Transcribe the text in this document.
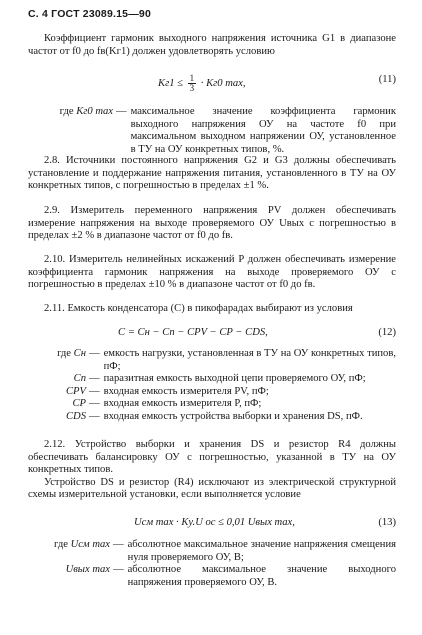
С. 4 ГОСТ 23089.15—90

Коэффициент гармоник выходного напряжения источника G1 в диапазоне частот от f0 до fв(Kг1) должен удовлетворять условию

$Kг1 \le \frac{1}{3} \cdot Kг0$ max,	(11)
где Kг0 max — максимальное значение коэффициента гармоник выходного напряжения ОУ на частоте f0 при максимальном выходном напряжении ОУ, установленное в ТУ на ОУ конкретных типов, %.

2.8. Источники постоянного напряжения G2 и G3 должны обеспечивать установление и поддержание напряжения питания, установленного в ТУ на ОУ конкретных типов, с погрешностью в пределах ±1 %.

2.9. Измеритель переменного напряжения PV должен обеспечивать измерение напряжения на выходе проверяемого ОУ Uвых с погрешностью в пределах ±2 % в диапазоне частот от f0 до fв.

2.10. Измеритель нелинейных искажений P должен обеспечивать измерение коэффициента гармоник напряжения на выходе проверяемого ОУ с погрешностью в пределах ±10 % в диапазоне частот от f0 до fв.

2.11. Емкость конденсатора (C) в пикофарадах выбирают из условия

C = Cн − Cп − CPV − CP − CDS,	(12)
где Cн — емкость нагрузки, установленная в ТУ на ОУ конкретных типов, пФ;
Cп — паразитная емкость выходной цепи проверяемого ОУ, пФ;
CPV — входная емкость измерителя PV, пФ;
CP — входная емкость измерителя P, пФ;
CDS — входная емкость устройства выборки и хранения DS, пФ.

2.12. Устройство выборки и хранения DS и резистор R4 должны обеспечивать балансировку ОУ с погрешностью, указанной в ТУ на ОУ конкретных типов.

Устройство DS и резистор (R4) исключают из электрической структурной схемы измерительной установки, если выполняется условие

Uсм max · Ky.U oc ≤ 0,01 Uвых max,	(13)
где Uсм max — абсолютное максимальное значение напряжения смещения нуля проверяемого ОУ, В;
Uвых max — абсолютное максимальное значение выходного напряжения проверяемого ОУ, В.
